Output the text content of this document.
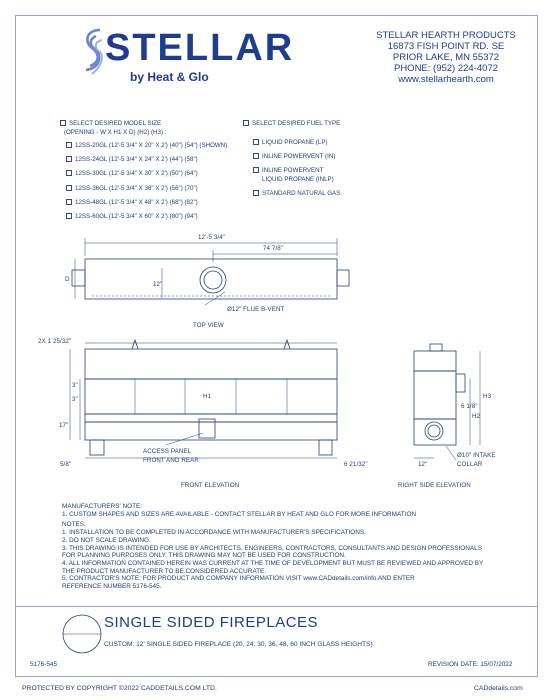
STELLAR
by Heat & Glo
STELLAR HEARTH PRODUCTS
16873 FISH POINT RD. SE
PRIOR LAKE, MN 55372
PHONE: (952) 224-4072
www.stellarhearth.com
SELECT DESIRED MODEL SIZE
(OPENING - W X H1 X D) (H2) (H3) :
12SS-20GL (12'-5 3/4" X 20" X 2') (40") (54") (SHOWN)
12SS-24GL (12'-5 3/4" X 24" X 2') (44") (58")
12SS-30GL (12'-5 3/4" X 30" X 2') (50") (64")
12SS-36GL (12'-5 3/4" X 36" X 2') (56") (70")
12SS-48GL (12'-5 3/4" X 48" X 2') (68") (82")
12SS-60GL (12'-5 3/4" X 60" X 2') (80") (94")
SELECT DESIRED FUEL TYPE
LIQUID PROPANE (LP)
INLINE POWERVENT (IN)
INLINE POWERVENT
LIQUID PROPANE (INLP)
STANDARD NATURAL GAS
12'-5 3/4"
74 7/8"
D
12"
Ø12" FLUE B-VENT
TOP VIEW
2X 1 25/32"
3"
3"
17"
H1
ACCESS PANEL
FRONT AND REAR
5/8"	6 21/32"
FRONT ELEVATION
6 1/8"
H2
H3
12"
Ø10" INTAKE
COLLAR
RIGHT SIDE ELEVATION

MANUFACTURERS' NOTE:

1. CUSTOM SHAPES AND SIZES ARE AVAILABLE - CONTACT STELLAR BY HEAT AND GLO FOR MORE INFORMATION

NOTES:

1. INSTALLATION TO BE COMPLETED IN ACCORDANCE WITH MANUFACTURER'S SPECIFICATIONS.

2. DO NOT SCALE DRAWING.

3. THIS DRAWING IS INTENDED FOR USE BY ARCHITECTS, ENGINEERS, CONTRACTORS, CONSULTANTS AND DESIGN PROFESSIONALS

FOR PLANNING PURPOSES ONLY. THIS DRAWING MAY NOT BE USED FOR CONSTRUCTION.

4. ALL INFORMATION CONTAINED HEREIN WAS CURRENT AT THE TIME OF DEVELOPMENT BUT MUST BE REVIEWED AND APPROVED BY

THE PRODUCT MANUFACTURER TO BE CONSIDERED ACCURATE.

5. CONTRACTOR'S NOTE: FOR PRODUCT AND COMPANY INFORMATION VISIT www.CADdetails.com/info AND ENTER

REFERENCE NUMBER 5176-545.

SINGLE SIDED FIREPLACES
CUSTOM: 12' SINGLE SIDED FIREPLACE (20, 24, 30, 36, 48, 60 INCH GLASS HEIGHTS)
5176-545	REVISION DATE: 15/07/2022
PROTECTED BY COPYRIGHT ©2022 CADDETAILS.COM LTD.	CADdetails.com
